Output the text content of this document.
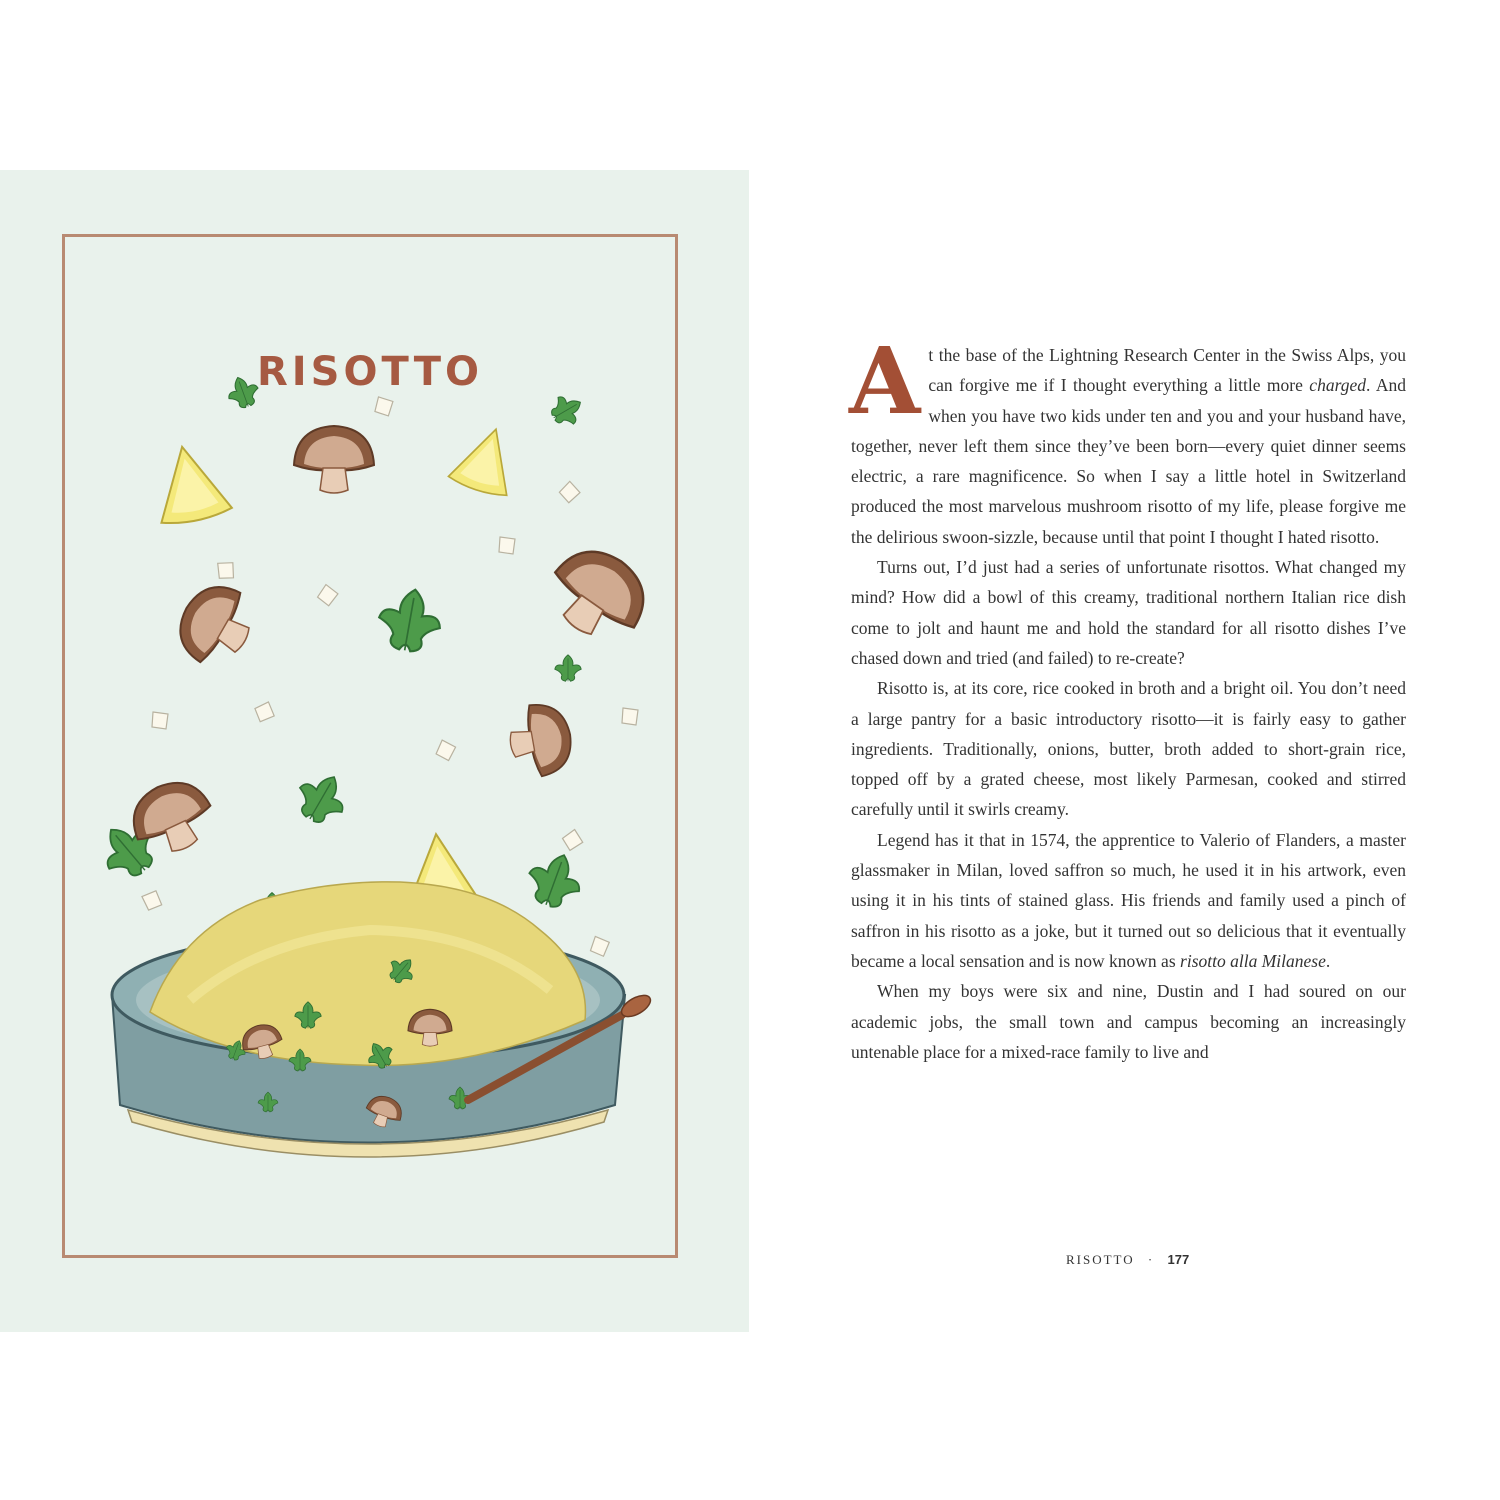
RISOTTO	At the base of the Lightning Research Center in the Swiss Alps, you can forgive me if I thought everything a little more charged. And when you have two kids under ten and you and your husband have, together, never left them since they’ve been born—every quiet dinner seems electric, a rare magnificence. So when I say a little hotel in Switzerland produced the most marvelous mushroom risotto of my life, please forgive me the delirious swoon-sizzle, because until that point I thought I hated risotto.

Turns out, I’d just had a series of unfortunate risottos. What changed my mind? How did a bowl of this creamy, traditional northern Italian rice dish come to jolt and haunt me and hold the standard for all risotto dishes I’ve chased down and tried (and failed) to re-create?

Risotto is, at its core, rice cooked in broth and a bright oil. You don’t need a large pantry for a basic introductory risotto—it is fairly easy to gather ingredients. Traditionally, onions, butter, broth added to short-grain rice, topped off by a grated cheese, most likely Parmesan, cooked and stirred carefully until it swirls creamy.

Legend has it that in 1574, the apprentice to Valerio of Flanders, a master glassmaker in Milan, loved saffron so much, he used it in his artwork, even using it in his tints of stained glass. His friends and family used a pinch of saffron in his risotto as a joke, but it turned out so delicious that it eventually became a local sensation and is now known as risotto alla Milanese.

When my boys were six and nine, Dustin and I had soured on our academic jobs, the small town and campus becoming an increasingly untenable place for a mixed-race family to live and

RISOTTO · 177
